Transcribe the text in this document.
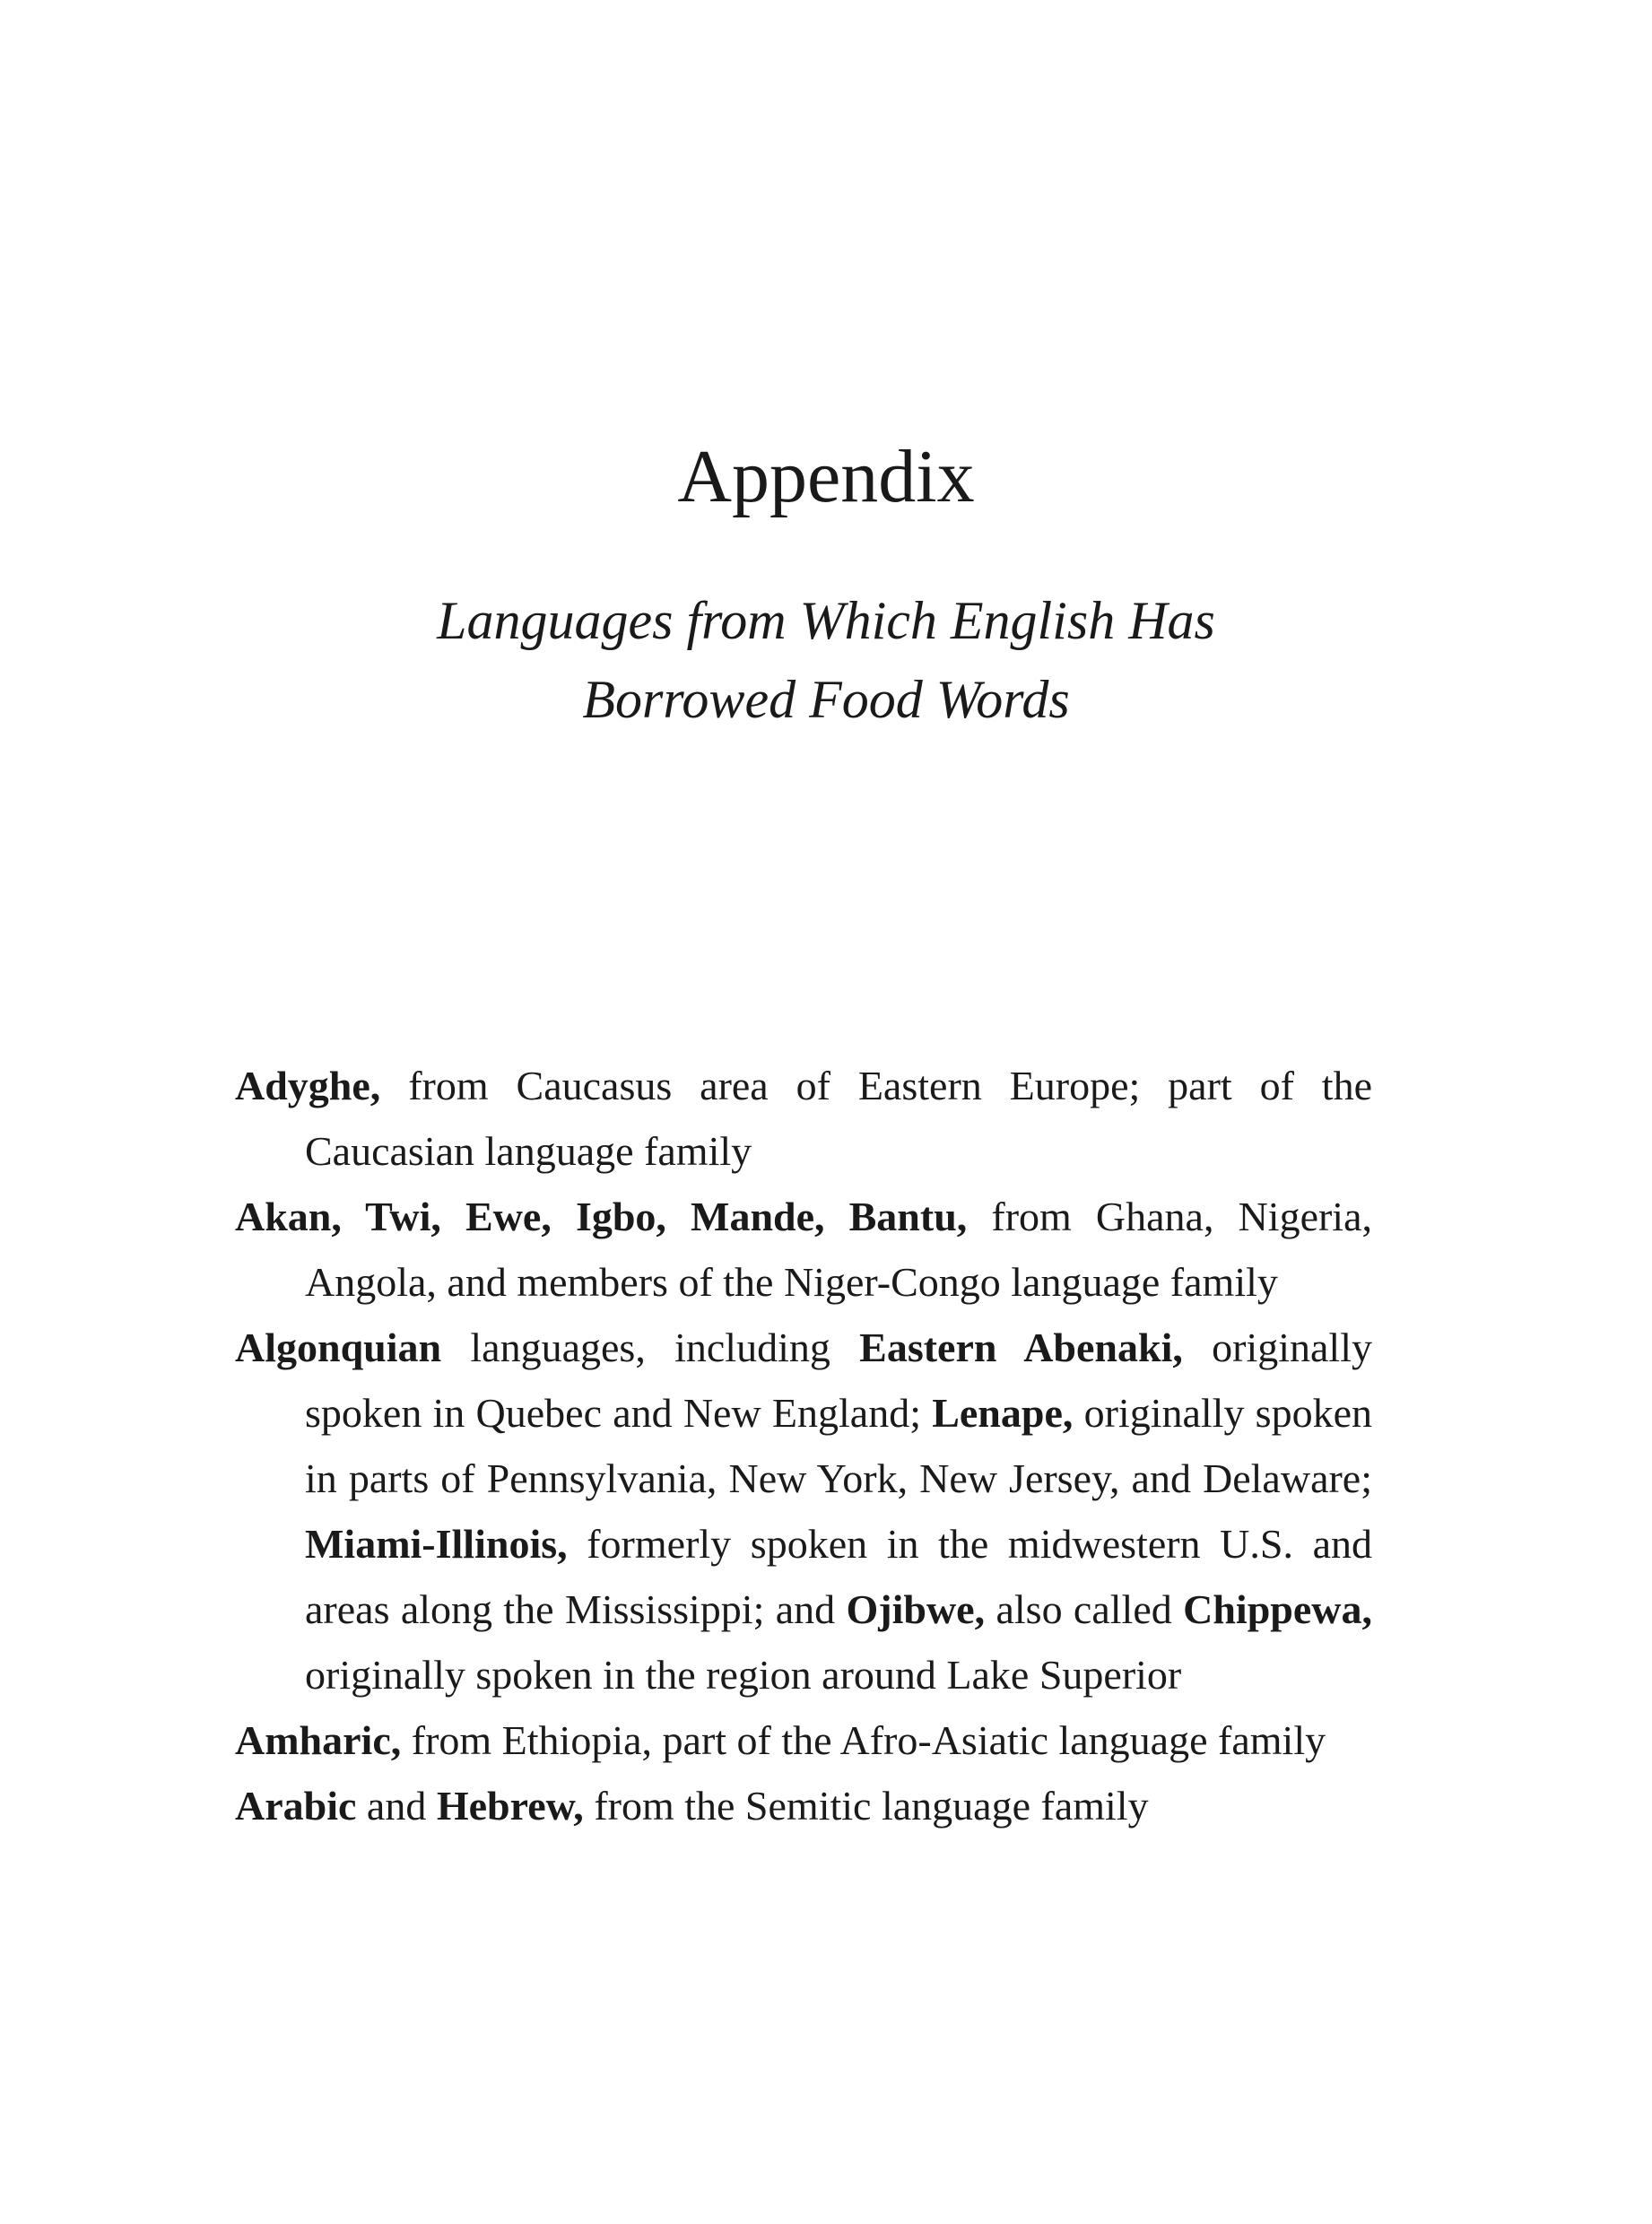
Appendix
Languages from Which English Has
Borrowed Food Words

Adyghe, from Caucasus area of Eastern Europe; part of the Caucasian language family

Akan, Twi, Ewe, Igbo, Mande, Bantu, from Ghana, Nigeria, Angola, and members of the Niger-Congo language family

Algonquian languages, including Eastern Abenaki, originally spoken in Quebec and New England; Lenape, originally spoken in parts of Pennsylvania, New York, New Jersey, and Delaware; Miami-Illinois, formerly spoken in the midwestern U.S. and areas along the Mississippi; and Ojibwe, also called Chippewa, originally spoken in the region around Lake Superior

Amharic, from Ethiopia, part of the Afro-Asiatic language family

Arabic and Hebrew, from the Semitic language family
